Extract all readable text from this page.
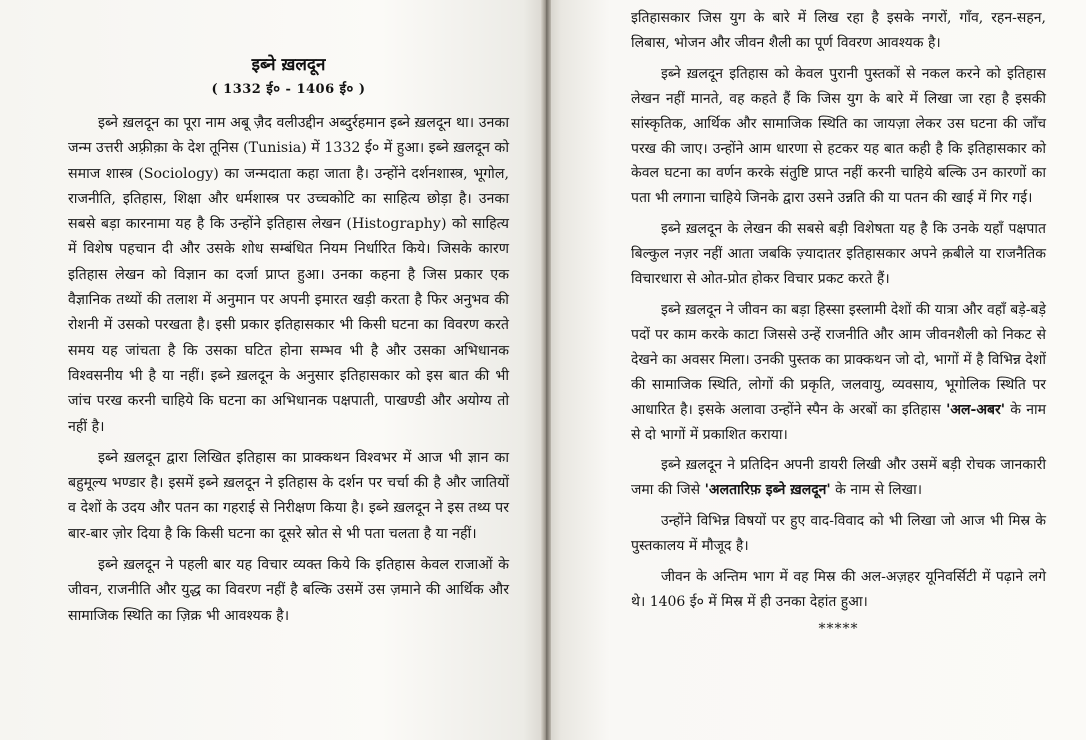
इब्ने ख़लदून
( 1332 ई० - 1406 ई० )

इब्ने ख़लदून का पूरा नाम अबू ज़ैद वलीउद्दीन अब्दुर्रहमान इब्ने ख़लदून था। उनका जन्म उत्तरी अफ़्रीक़ा के देश तूनिस (Tunisia) में 1332 ई० में हुआ। इब्ने ख़लदून को समाज शास्त्र (Sociology) का जन्मदाता कहा जाता है। उन्होंने दर्शनशास्त्र, भूगोल, राजनीति, इतिहास, शिक्षा और धर्मशास्त्र पर उच्चकोटि का साहित्य छोड़ा है। उनका सबसे बड़ा कारनामा यह है कि उन्होंने इतिहास लेखन (Histography) को साहित्य में विशेष पहचान दी और उसके शोध सम्बंधित नियम निर्धारित किये। जिसके कारण इतिहास लेखन को विज्ञान का दर्जा प्राप्त हुआ। उनका कहना है जिस प्रकार एक वैज्ञानिक तथ्यों की तलाश में अनुमान पर अपनी इमारत खड़ी करता है फिर अनुभव की रोशनी में उसको परखता है। इसी प्रकार इतिहासकार भी किसी घटना का विवरण करते समय यह जांचता है कि उसका घटित होना सम्भव भी है और उसका अभिधानक विश्वसनीय भी है या नहीं। इब्ने ख़लदून के अनुसार इतिहासकार को इस बात की भी जांच परख करनी चाहिये कि घटना का अभिधानक पक्षपाती, पाखण्डी और अयोग्य तो नहीं है।

इब्ने ख़लदून द्वारा लिखित इतिहास का प्राक्कथन विश्वभर में आज भी ज्ञान का बहुमूल्य भण्डार है। इसमें इब्ने ख़लदून ने इतिहास के दर्शन पर चर्चा की है और जातियों व देशों के उदय और पतन का गहराई से निरीक्षण किया है। इब्ने ख़लदून ने इस तथ्य पर बार-बार ज़ोर दिया है कि किसी घटना का दूसरे स्रोत से भी पता चलता है या नहीं।

इब्ने ख़लदून ने पहली बार यह विचार व्यक्त किये कि इतिहास केवल राजाओं के जीवन, राजनीति और युद्ध का विवरण नहीं है बल्कि उसमें उस ज़माने की आर्थिक और सामाजिक स्थिति का ज़िक्र भी आवश्यक है।

इतिहासकार जिस युग के बारे में लिख रहा है इसके नगरों, गाँव, रहन-सहन, लिबास, भोजन और जीवन शैली का पूर्ण विवरण आवश्यक है।

इब्ने ख़लदून इतिहास को केवल पुरानी पुस्तकों से नकल करने को इतिहास लेखन नहीं मानते, वह कहते हैं कि जिस युग के बारे में लिखा जा रहा है इसकी सांस्कृतिक, आर्थिक और सामाजिक स्थिति का जायज़ा लेकर उस घटना की जाँच परख की जाए। उन्होंने आम धारणा से हटकर यह बात कही है कि इतिहासकार को केवल घटना का वर्णन करके संतुष्टि प्राप्त नहीं करनी चाहिये बल्कि उन कारणों का पता भी लगाना चाहिये जिनके द्वारा उसने उन्नति की या पतन की खाई में गिर गई।

इब्ने ख़लदून के लेखन की सबसे बड़ी विशेषता यह है कि उनके यहाँ पक्षपात बिल्कुल नज़र नहीं आता जबकि ज़्यादातर इतिहासकार अपने क़बीले या राजनैतिक विचारधारा से ओत-प्रोत होकर विचार प्रकट करते हैं।

इब्ने ख़लदून ने जीवन का बड़ा हिस्सा इस्लामी देशों की यात्रा और वहाँ बड़े-बड़े पदों पर काम करके काटा जिससे उन्हें राजनीति और आम जीवनशैली को निकट से देखने का अवसर मिला। उनकी पुस्तक का प्राक्कथन जो दो, भागों में है विभिन्न देशों की सामाजिक स्थिति, लोगों की प्रकृति, जलवायु, व्यवसाय, भूगोलिक स्थिति पर आधारित है। इसके अलावा उन्होंने स्पैन के अरबों का इतिहास 'अल-अबर' के नाम से दो भागों में प्रकाशित कराया।

इब्ने ख़लदून ने प्रतिदिन अपनी डायरी लिखी और उसमें बड़ी रोचक जानकारी जमा की जिसे 'अलतारिफ़ इब्ने ख़लदून' के नाम से लिखा।

उन्होंने विभिन्न विषयों पर हुए वाद-विवाद को भी लिखा जो आज भी मिस्र के पुस्तकालय में मौजूद है।

जीवन के अन्तिम भाग में वह मिस्र की अल-अज़हर यूनिवर्सिटी में पढ़ाने लगे थे। 1406 ई० में मिस्र में ही उनका देहांत हुआ।

*****
